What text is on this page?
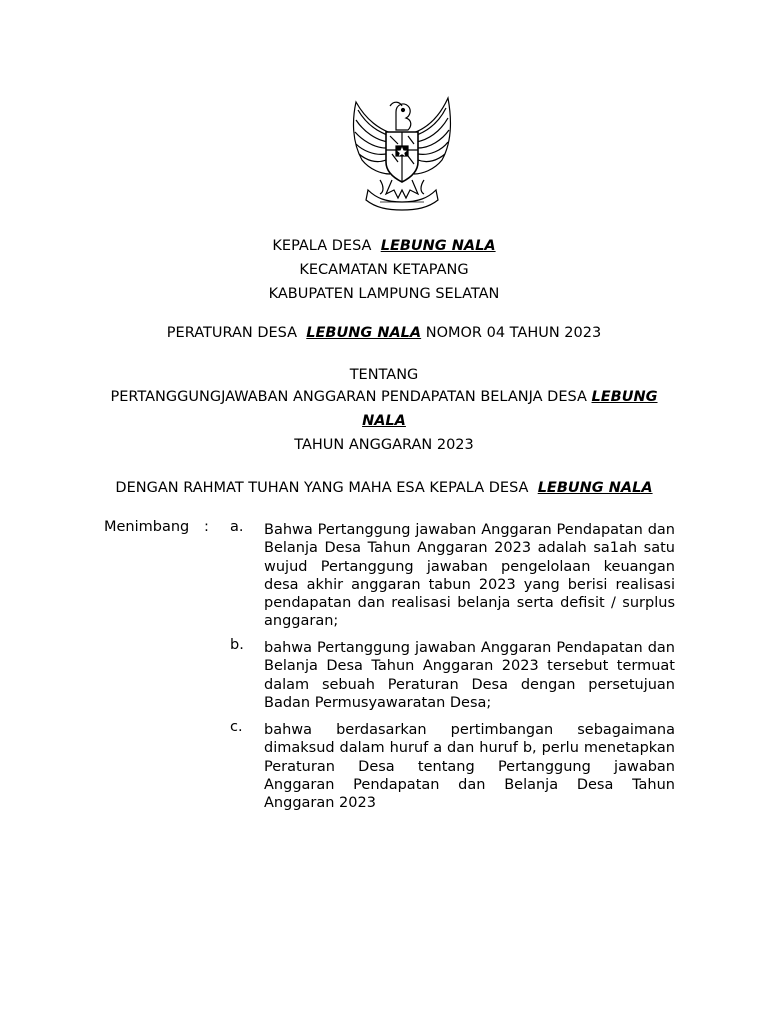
KEPALA DESA LEBUNG NALA
KECAMATAN KETAPANG
KABUPATEN LAMPUNG SELATAN
PERATURAN DESA LEBUNG NALA NOMOR 04 TAHUN 2023
TENTANG
PERTANGGUNGJAWABAN ANGGARAN PENDAPATAN BELANJA DESA LEBUNG NALA
TAHUN ANGGARAN 2023
DENGAN RAHMAT TUHAN YANG MAHA ESA KEPALA DESA LEBUNG NALA
Menimbang : a. Bahwa Pertanggung jawaban Anggaran Pendapatan dan Belanja Desa Tahun Anggaran 2023 adalah sa1ah satu wujud Pertanggung jawaban pengelolaan keuangan desa akhir anggaran tabun 2023 yang berisi realisasi pendapatan dan realisasi belanja serta defisit / surplus anggaran;
b. bahwa Pertanggung jawaban Anggaran Pendapatan dan Belanja Desa Tahun Anggaran 2023 tersebut termuat dalam sebuah Peraturan Desa dengan persetujuan Badan Permusyawaratan Desa;
c. bahwa berdasarkan pertimbangan sebagaimana dimaksud dalam huruf a dan huruf b, perlu menetapkan Peraturan Desa tentang Pertanggung jawaban Anggaran Pendapatan dan Belanja Desa Tahun Anggaran 2023
